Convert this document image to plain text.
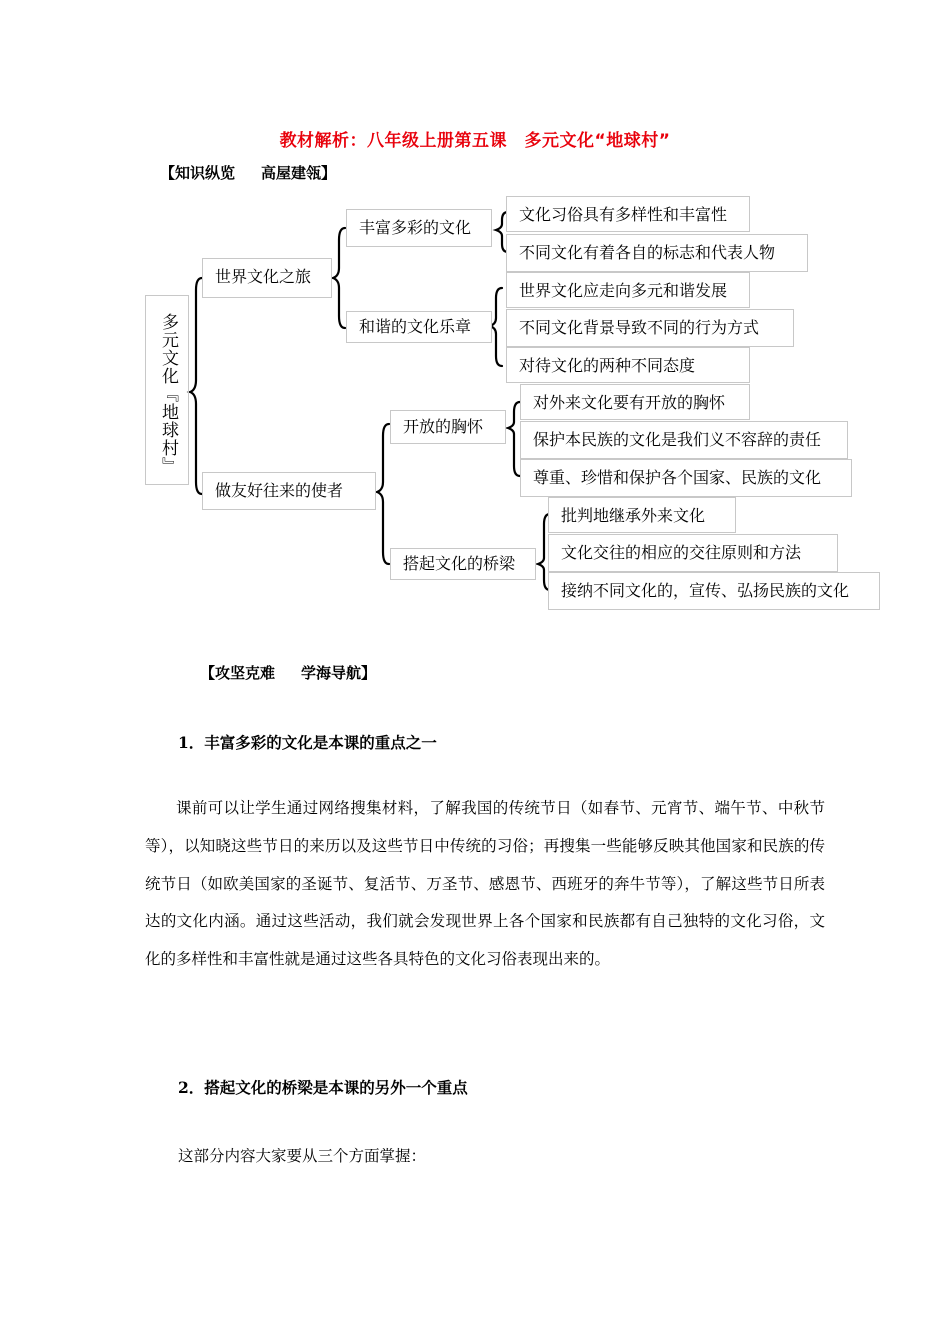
教材解析：八年级上册第五课　多元文化“地球村”
【知识纵览 高屋建瓴】
多元文化『地球村』
世界文化之旅
做友好往来的使者
丰富多彩的文化
和谐的文化乐章
开放的胸怀
搭起文化的桥梁
文化习俗具有多样性和丰富性
不同文化有着各自的标志和代表人物
世界文化应走向多元和谐发展
不同文化背景导致不同的行为方式
对待文化的两种不同态度
对外来文化要有开放的胸怀
保护本民族的文化是我们义不容辞的责任
尊重、珍惜和保护各个国家、民族的文化
批判地继承外来文化
文化交往的相应的交往原则和方法
接纳不同文化的，宣传、弘扬民族的文化
【攻坚克难 学海导航】
1．丰富多彩的文化是本课的重点之一
课前可以让学生通过网络搜集材料，了解我国的传统节日（如春节、元宵节、端午节、中秋节等），以知晓这些节日的来历以及这些节日中传统的习俗；再搜集一些能够反映其他国家和民族的传统节日（如欧美国家的圣诞节、复活节、万圣节、感恩节、西班牙的奔牛节等），了解这些节日所表达的文化内涵。通过这些活动，我们就会发现世界上各个国家和民族都有自己独特的文化习俗，文化的多样性和丰富性就是通过这些各具特色的文化习俗表现出来的。
2．搭起文化的桥梁是本课的另外一个重点
这部分内容大家要从三个方面掌握：
